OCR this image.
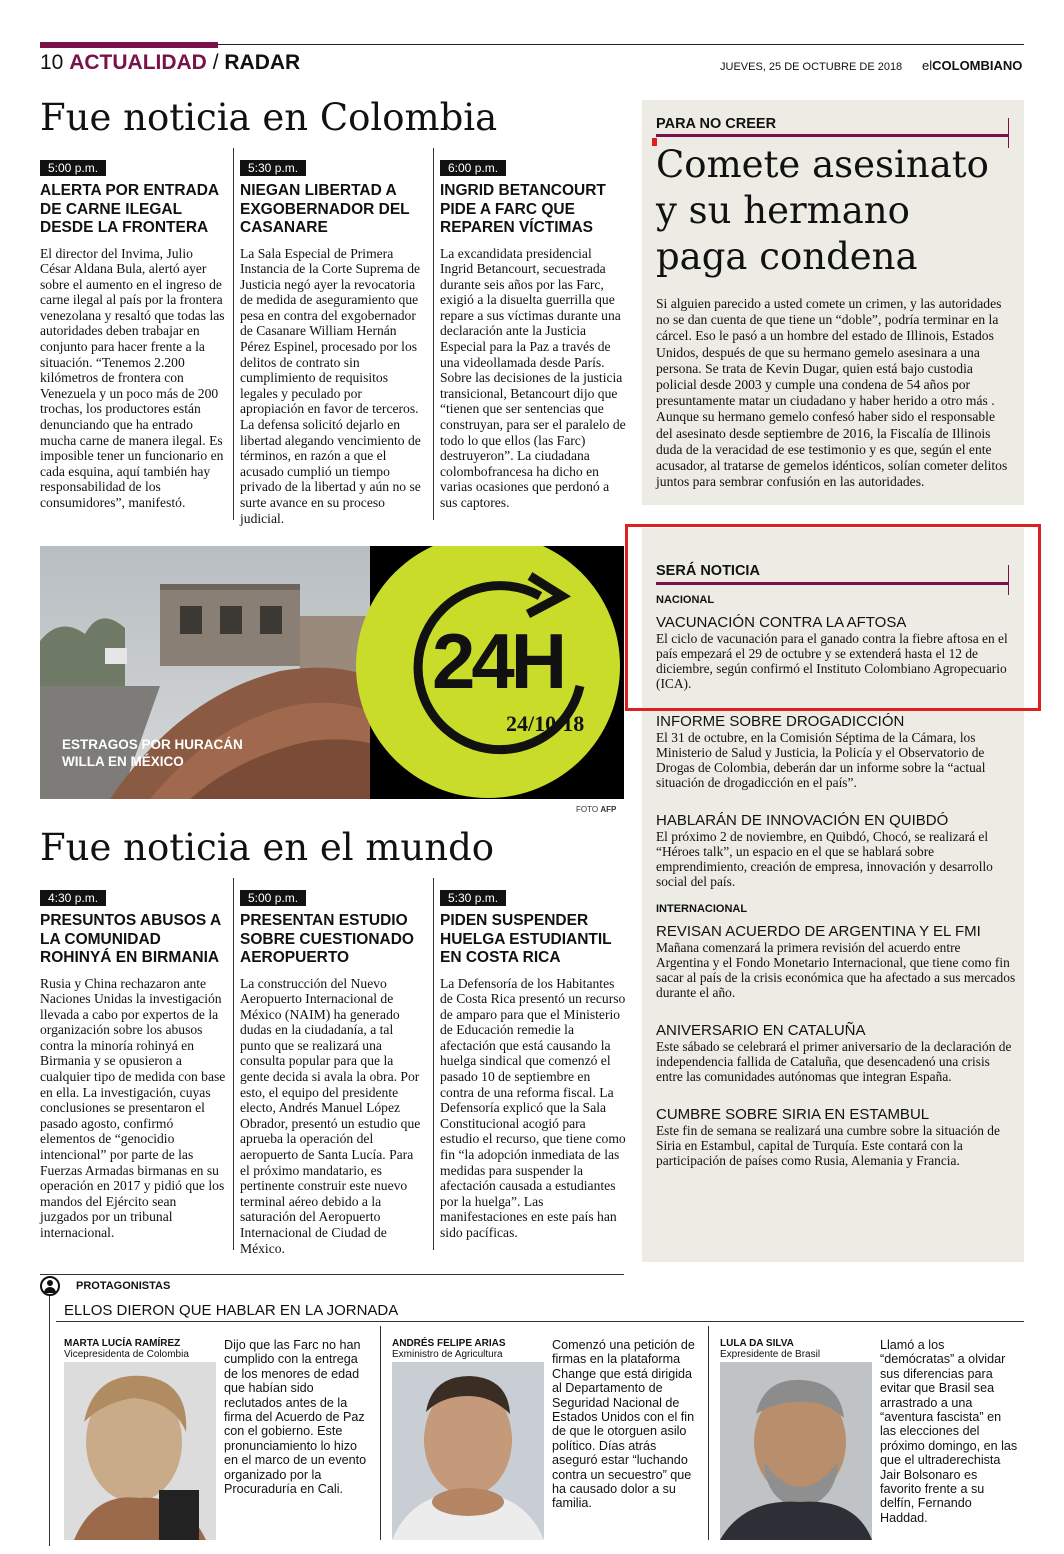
10 ACTUALIDAD / RADAR	JUEVES, 25 DE OCTUBRE DE 2018 elCOLOMBIANO
Fue noticia en Colombia
5:00 p.m.
ALERTA POR ENTRADA DE CARNE ILEGAL DESDE LA FRONTERA
El director del Invima, Julio César Aldana Bula, alertó ayer sobre el aumento en el ingreso de carne ilegal al país por la frontera venezolana y resaltó que todas las autoridades deben trabajar en conjunto para hacer frente a la situación. “Tenemos 2.200 kilómetros de frontera con Venezuela y un poco más de 200 trochas, los productores están denunciando que ha entrado mucha carne de manera ilegal. Es imposible tener un funcionario en cada esquina, aquí también hay responsabilidad de los consumidores”, manifestó.
5:30 p.m.
NIEGAN LIBERTAD A EXGOBERNADOR DEL CASANARE
La Sala Especial de Primera Instancia de la Corte Suprema de Justicia negó ayer la revocatoria de medida de aseguramiento que pesa en contra del exgobernador de Casanare William Hernán Pérez Espinel, procesado por los delitos de contrato sin cumplimiento de requisitos legales y peculado por apropiación en favor de terceros. La defensa solicitó dejarlo en libertad alegando vencimiento de términos, en razón a que el acusado cumplió un tiempo privado de la libertad y aún no se surte avance en su proceso judicial.
6:00 p.m.
INGRID BETANCOURT PIDE A FARC QUE REPAREN VÍCTIMAS
La excandidata presidencial Ingrid Betancourt, secuestrada durante seis años por las Farc, exigió a la disuelta guerrilla que repare a sus víctimas durante una declaración ante la Justicia Especial para la Paz a través de una videollamada desde París. Sobre las decisiones de la justicia transicional, Betancourt dijo que “tienen que ser sentencias que construyan, para ser el paralelo de todo lo que ellos (las Farc) destruyeron”. La ciudadana colombofrancesa ha dicho en varias ocasiones que perdonó a sus captores.
24H
24/10/18
ESTRAGOS POR HURACÁN WILLA EN MÉXICO
FOTO AFP
Fue noticia en el mundo
4:30 p.m.
PRESUNTOS ABUSOS A LA COMUNIDAD ROHINYÁ EN BIRMANIA
Rusia y China rechazaron ante Naciones Unidas la investigación llevada a cabo por expertos de la organización sobre los abusos contra la minoría rohinyá en Birmania y se opusieron a cualquier tipo de medida con base en ella. La investigación, cuyas conclusiones se presentaron el pasado agosto, confirmó elementos de “genocidio intencional” por parte de las Fuerzas Armadas birmanas en su operación en 2017 y pidió que los mandos del Ejército sean juzgados por un tribunal internacional.
5:00 p.m.
PRESENTAN ESTUDIO SOBRE CUESTIONADO AEROPUERTO
La construcción del Nuevo Aeropuerto Internacional de México (NAIM) ha generado dudas en la ciudadanía, a tal punto que se realizará una consulta popular para que la gente decida si avala la obra. Por esto, el equipo del presidente electo, Andrés Manuel López Obrador, presentó un estudio que aprueba la operación del aeropuerto de Santa Lucía. Para el próximo mandatario, es pertinente construir este nuevo terminal aéreo debido a la saturación del Aeropuerto Internacional de Ciudad de México.
5:30 p.m.
PIDEN SUSPENDER HUELGA ESTUDIANTIL EN COSTA RICA
La Defensoría de los Habitantes de Costa Rica presentó un recurso de amparo para que el Ministerio de Educación remedie la afectación que está causando la huelga sindical que comenzó el pasado 10 de septiembre en contra de una reforma fiscal. La Defensoría explicó que la Sala Constitucional acogió para estudio el recurso, que tiene como fin “la adopción inmediata de las medidas para suspender la afectación causada a estudiantes por la huelga”. Las manifestaciones en este país han sido pacíficas.
PARA NO CREER
Comete asesinato y su hermano paga condena
Si alguien parecido a usted comete un crimen, y las autoridades no se dan cuenta de que tiene un “doble”, podría terminar en la cárcel. Eso le pasó a un hombre del estado de Illinois, Estados Unidos, después de que su hermano gemelo asesinara a una persona. Se trata de Kevin Dugar, quien está bajo custodia policial desde 2003 y cumple una condena de 54 años por presuntamente matar un ciudadano y haber herido a otro más . Aunque su hermano gemelo confesó haber sido el responsable del asesinato desde septiembre de 2016, la Fiscalía de Illinois duda de la veracidad de ese testimonio y es que, según el ente acusador, al tratarse de gemelos idénticos, solían cometer delitos juntos para sembrar confusión en las autoridades.
SERÁ NOTICIA
NACIONAL
VACUNACIÓN CONTRA LA AFTOSA
El ciclo de vacunación para el ganado contra la fiebre aftosa en el país empezará el 29 de octubre y se extenderá hasta el 12 de diciembre, según confirmó el Instituto Colombiano Agropecuario (ICA).
INFORME SOBRE DROGADICCIÓN
El 31 de octubre, en la Comisión Séptima de la Cámara, los Ministerio de Salud y Justicia, la Policía y el Observatorio de Drogas de Colombia, deberán dar un informe sobre la “actual situación de drogadicción en el país”.
HABLARÁN DE INNOVACIÓN EN QUIBDÓ
El próximo 2 de noviembre, en Quibdó, Chocó, se realizará el “Héroes talk”, un espacio en el que se hablará sobre emprendimiento, creación de empresa, innovación y desarrollo social del país.
INTERNACIONAL
REVISAN ACUERDO DE ARGENTINA Y EL FMI
Mañana comenzará la primera revisión del acuerdo entre Argentina y el Fondo Monetario Internacional, que tiene como fin sacar al país de la crisis económica que ha afectado a sus mercados durante el año.
ANIVERSARIO EN CATALUÑA
Este sábado se celebrará el primer aniversario de la declaración de independencia fallida de Cataluña, que desencadenó una crisis entre las comunidades autónomas que integran España.
CUMBRE SOBRE SIRIA EN ESTAMBUL
Este fin de semana se realizará una cumbre sobre la situación de Siria en Estambul, capital de Turquía. Este contará con la participación de países como Rusia, Alemania y Francia.
PROTAGONISTAS
ELLOS DIERON QUE HABLAR EN LA JORNADA
MARTA LUCÍA RAMÍREZ
Vicepresidenta de Colombia
Dijo que las Farc no han cumplido con la entrega de los menores de edad que habían sido reclutados antes de la firma del Acuerdo de Paz con el gobierno. Este pronunciamiento lo hizo en el marco de un evento organizado por la Procuraduría en Cali.
ANDRÉS FELIPE ARIAS
Exministro de Agricultura
Comenzó una petición de firmas en la plataforma Change que está dirigida al Departamento de Seguridad Nacional de Estados Unidos con el fin de que le otorguen asilo político. Días atrás aseguró estar “luchando contra un secuestro” que ha causado dolor a su familia.
LULA DA SILVA
Expresidente de Brasil
Llamó a los “demócratas” a olvidar sus diferencias para evitar que Brasil sea arrastrado a una “aventura fascista” en las elecciones del próximo domingo, en las que el ultraderechista Jair Bolsonaro es favorito frente a su delfín, Fernando Haddad.
